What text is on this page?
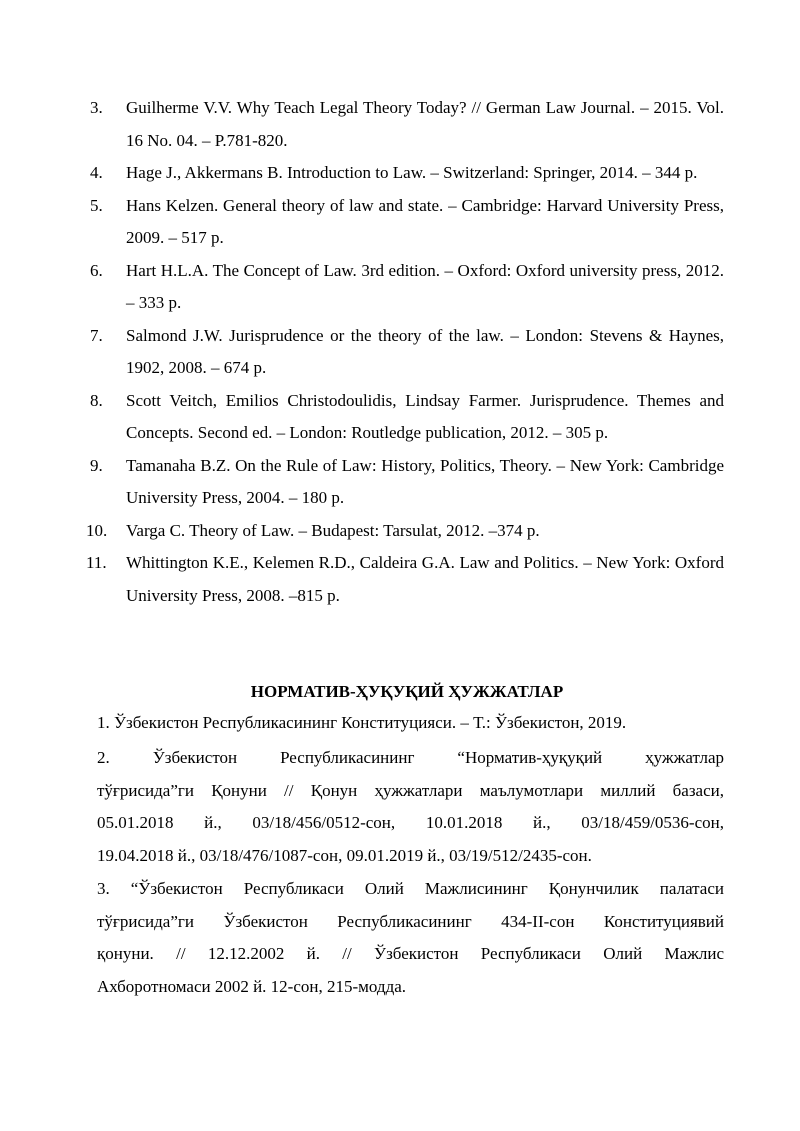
3.	Guilherme V.V. Why Teach Legal Theory Today? // German Law Journal. – 2015. Vol. 16 No. 04. – P.781-820.
4.	Hage J., Akkermans B. Introduction to Law. – Switzerland: Springer, 2014. – 344 p.
5.	Hans Kelzen. General theory of law and state. – Cambridge: Harvard University Press, 2009. – 517 p.
6.	Hart H.L.A. The Concept of Law. 3rd edition. – Oxford: Oxford university press, 2012. – 333 p.
7.	Salmond J.W. Jurisprudence or the theory of the law. – London: Stevens & Haynes, 1902, 2008. – 674 p.
8.	Scott Veitch, Emilios Christodoulidis, Lindsay Farmer. Jurisprudence. Themes and Concepts. Second ed. – London: Routledge publication, 2012. – 305 p.
9.	Tamanaha B.Z. On the Rule of Law: History, Politics, Theory. – New York: Cambridge University Press, 2004. – 180 p.
10.	Varga C. Theory of Law. – Budapest: Tarsulat, 2012. –374 p.
11.	Whittington K.E., Kelemen R.D., Caldeira G.A. Law and Politics. – New York: Oxford University Press, 2008. –815 p.
НОРМАТИВ-ҲУҚУҚИЙ ҲУЖЖАТЛАР
1. Ўзбекистон Республикасининг Конституцияси. – Т.: Ўзбекистон, 2019.
2. Ўзбекистон Республикасининг “Норматив-ҳуқуқий ҳужжатлар
тўғрисида”ги Қонуни // Қонун ҳужжатлари маълумотлари миллий базаси,
05.01.2018 й., 03/18/456/0512-сон, 10.01.2018 й., 03/18/459/0536-сон,
19.04.2018 й., 03/18/476/1087-сон, 09.01.2019 й., 03/19/512/2435-сон.
3. “Ўзбекистон Республикаси Олий Мажлисининг Қонунчилик палатаси
тўғрисида”ги Ўзбекистон Республикасининг 434-II-сон Конституциявий
қонуни. // 12.12.2002 й. // Ўзбекистон Республикаси Олий Мажлис
Ахборотномаси 2002 й. 12-сон, 215-модда.
